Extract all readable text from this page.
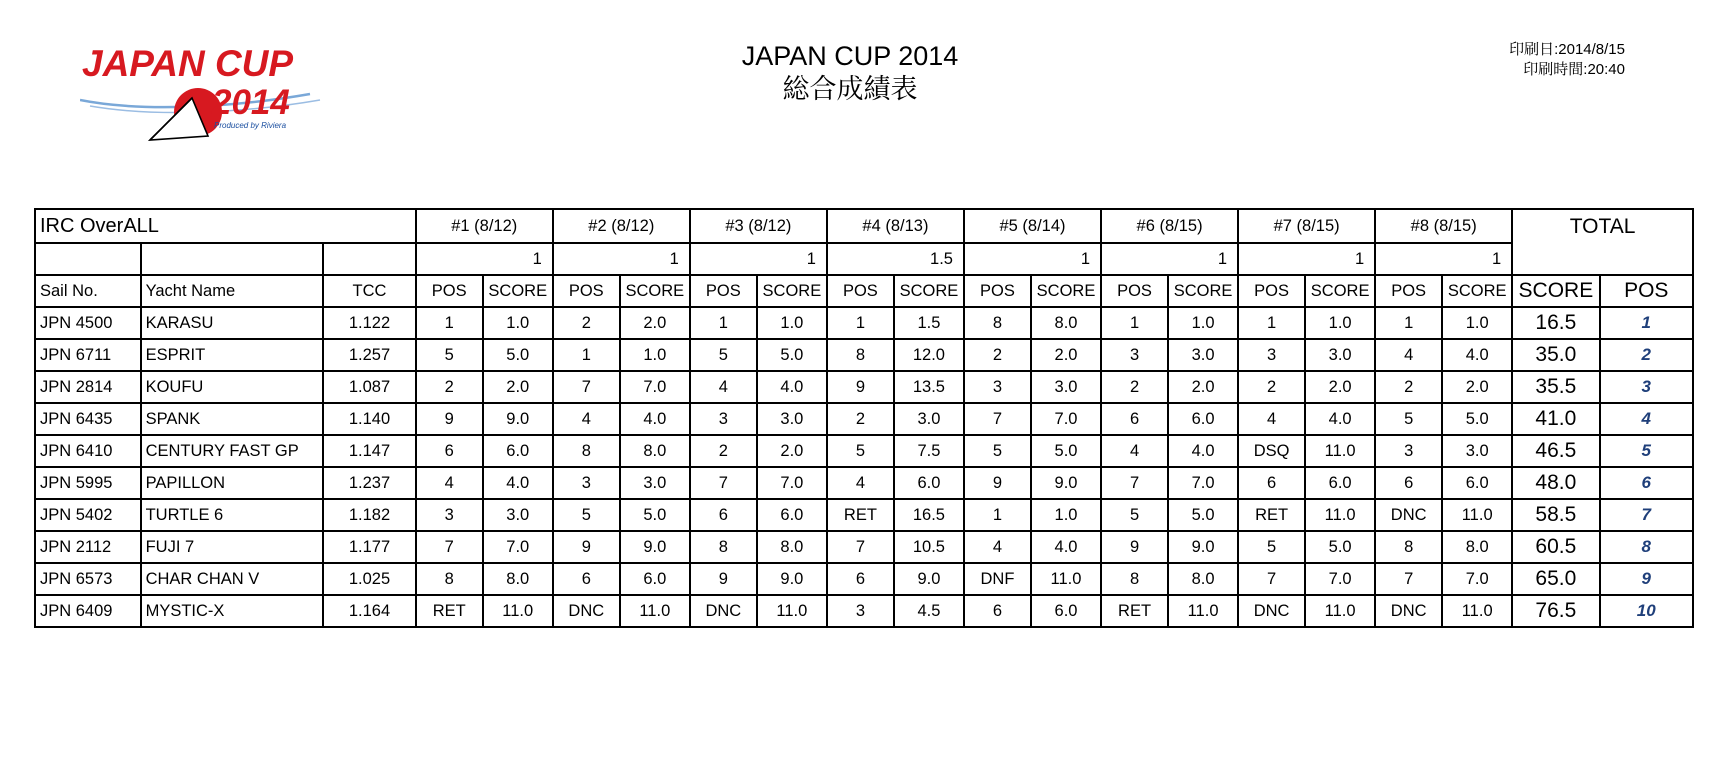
JAPAN CUP
2014
Produced by Riviera
JAPAN CUP 2014
総合成績表
印刷日:2014/8/15
印刷時間:20:40
IRC OverALL			#1 (8/12)		#2 (8/12)		#3 (8/12)		#4 (8/13)		#5 (8/14)		#6 (8/15)		#7 (8/15)		#8 (8/15)		TOTAL	
			1		1		1		1.5		1		1		1		1			
Sail No.	Yacht Name	TCC	POS	SCORE	POS	SCORE	POS	SCORE	POS	SCORE	POS	SCORE	POS	SCORE	POS	SCORE	POS	SCORE	SCORE	POS
JPN 4500	KARASU	1.122	1	1.0	2	2.0	1	1.0	1	1.5	8	8.0	1	1.0	1	1.0	1	1.0	16.5	1
JPN 6711	ESPRIT	1.257	5	5.0	1	1.0	5	5.0	8	12.0	2	2.0	3	3.0	3	3.0	4	4.0	35.0	2
JPN 2814	KOUFU	1.087	2	2.0	7	7.0	4	4.0	9	13.5	3	3.0	2	2.0	2	2.0	2	2.0	35.5	3
JPN 6435	SPANK	1.140	9	9.0	4	4.0	3	3.0	2	3.0	7	7.0	6	6.0	4	4.0	5	5.0	41.0	4
JPN 6410	CENTURY FAST GP	1.147	6	6.0	8	8.0	2	2.0	5	7.5	5	5.0	4	4.0	DSQ	11.0	3	3.0	46.5	5
JPN 5995	PAPILLON	1.237	4	4.0	3	3.0	7	7.0	4	6.0	9	9.0	7	7.0	6	6.0	6	6.0	48.0	6
JPN 5402	TURTLE 6	1.182	3	3.0	5	5.0	6	6.0	RET	16.5	1	1.0	5	5.0	RET	11.0	DNC	11.0	58.5	7
JPN 2112	FUJI 7	1.177	7	7.0	9	9.0	8	8.0	7	10.5	4	4.0	9	9.0	5	5.0	8	8.0	60.5	8
JPN 6573	CHAR CHAN V	1.025	8	8.0	6	6.0	9	9.0	6	9.0	DNF	11.0	8	8.0	7	7.0	7	7.0	65.0	9
JPN 6409	MYSTIC-X	1.164	RET	11.0	DNC	11.0	DNC	11.0	3	4.5	6	6.0	RET	11.0	DNC	11.0	DNC	11.0	76.5	10
